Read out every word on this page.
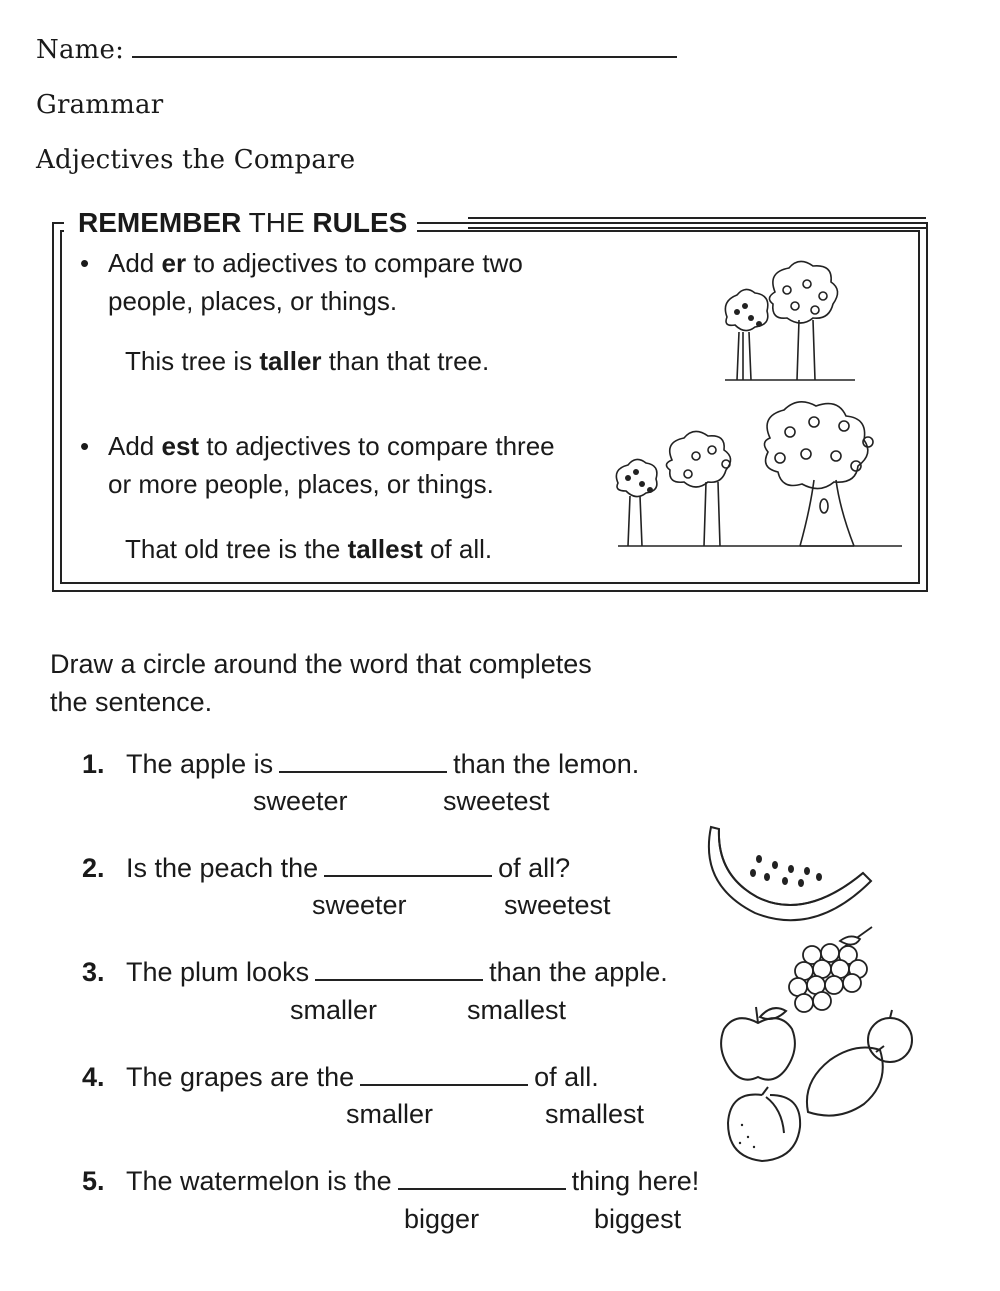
Name:
Grammar
Adjectives the Compare
REMEMBER THE RULES
• Add er to adjectives to compare two
people, places, or things.
This tree is taller than that tree.
• Add est to adjectives to compare three
or more people, places, or things.
That old tree is the tallest of all.
Draw a circle around the word that completes
the sentence.
1. The apple is	than the lemon.
sweeter	sweetest
2. Is the peach the	of all?
sweeter	sweetest
3. The plum looks	than the apple.
smaller	smallest
4. The grapes are the	of all.
smaller	smallest
5. The watermelon is the	thing here!
bigger	biggest
